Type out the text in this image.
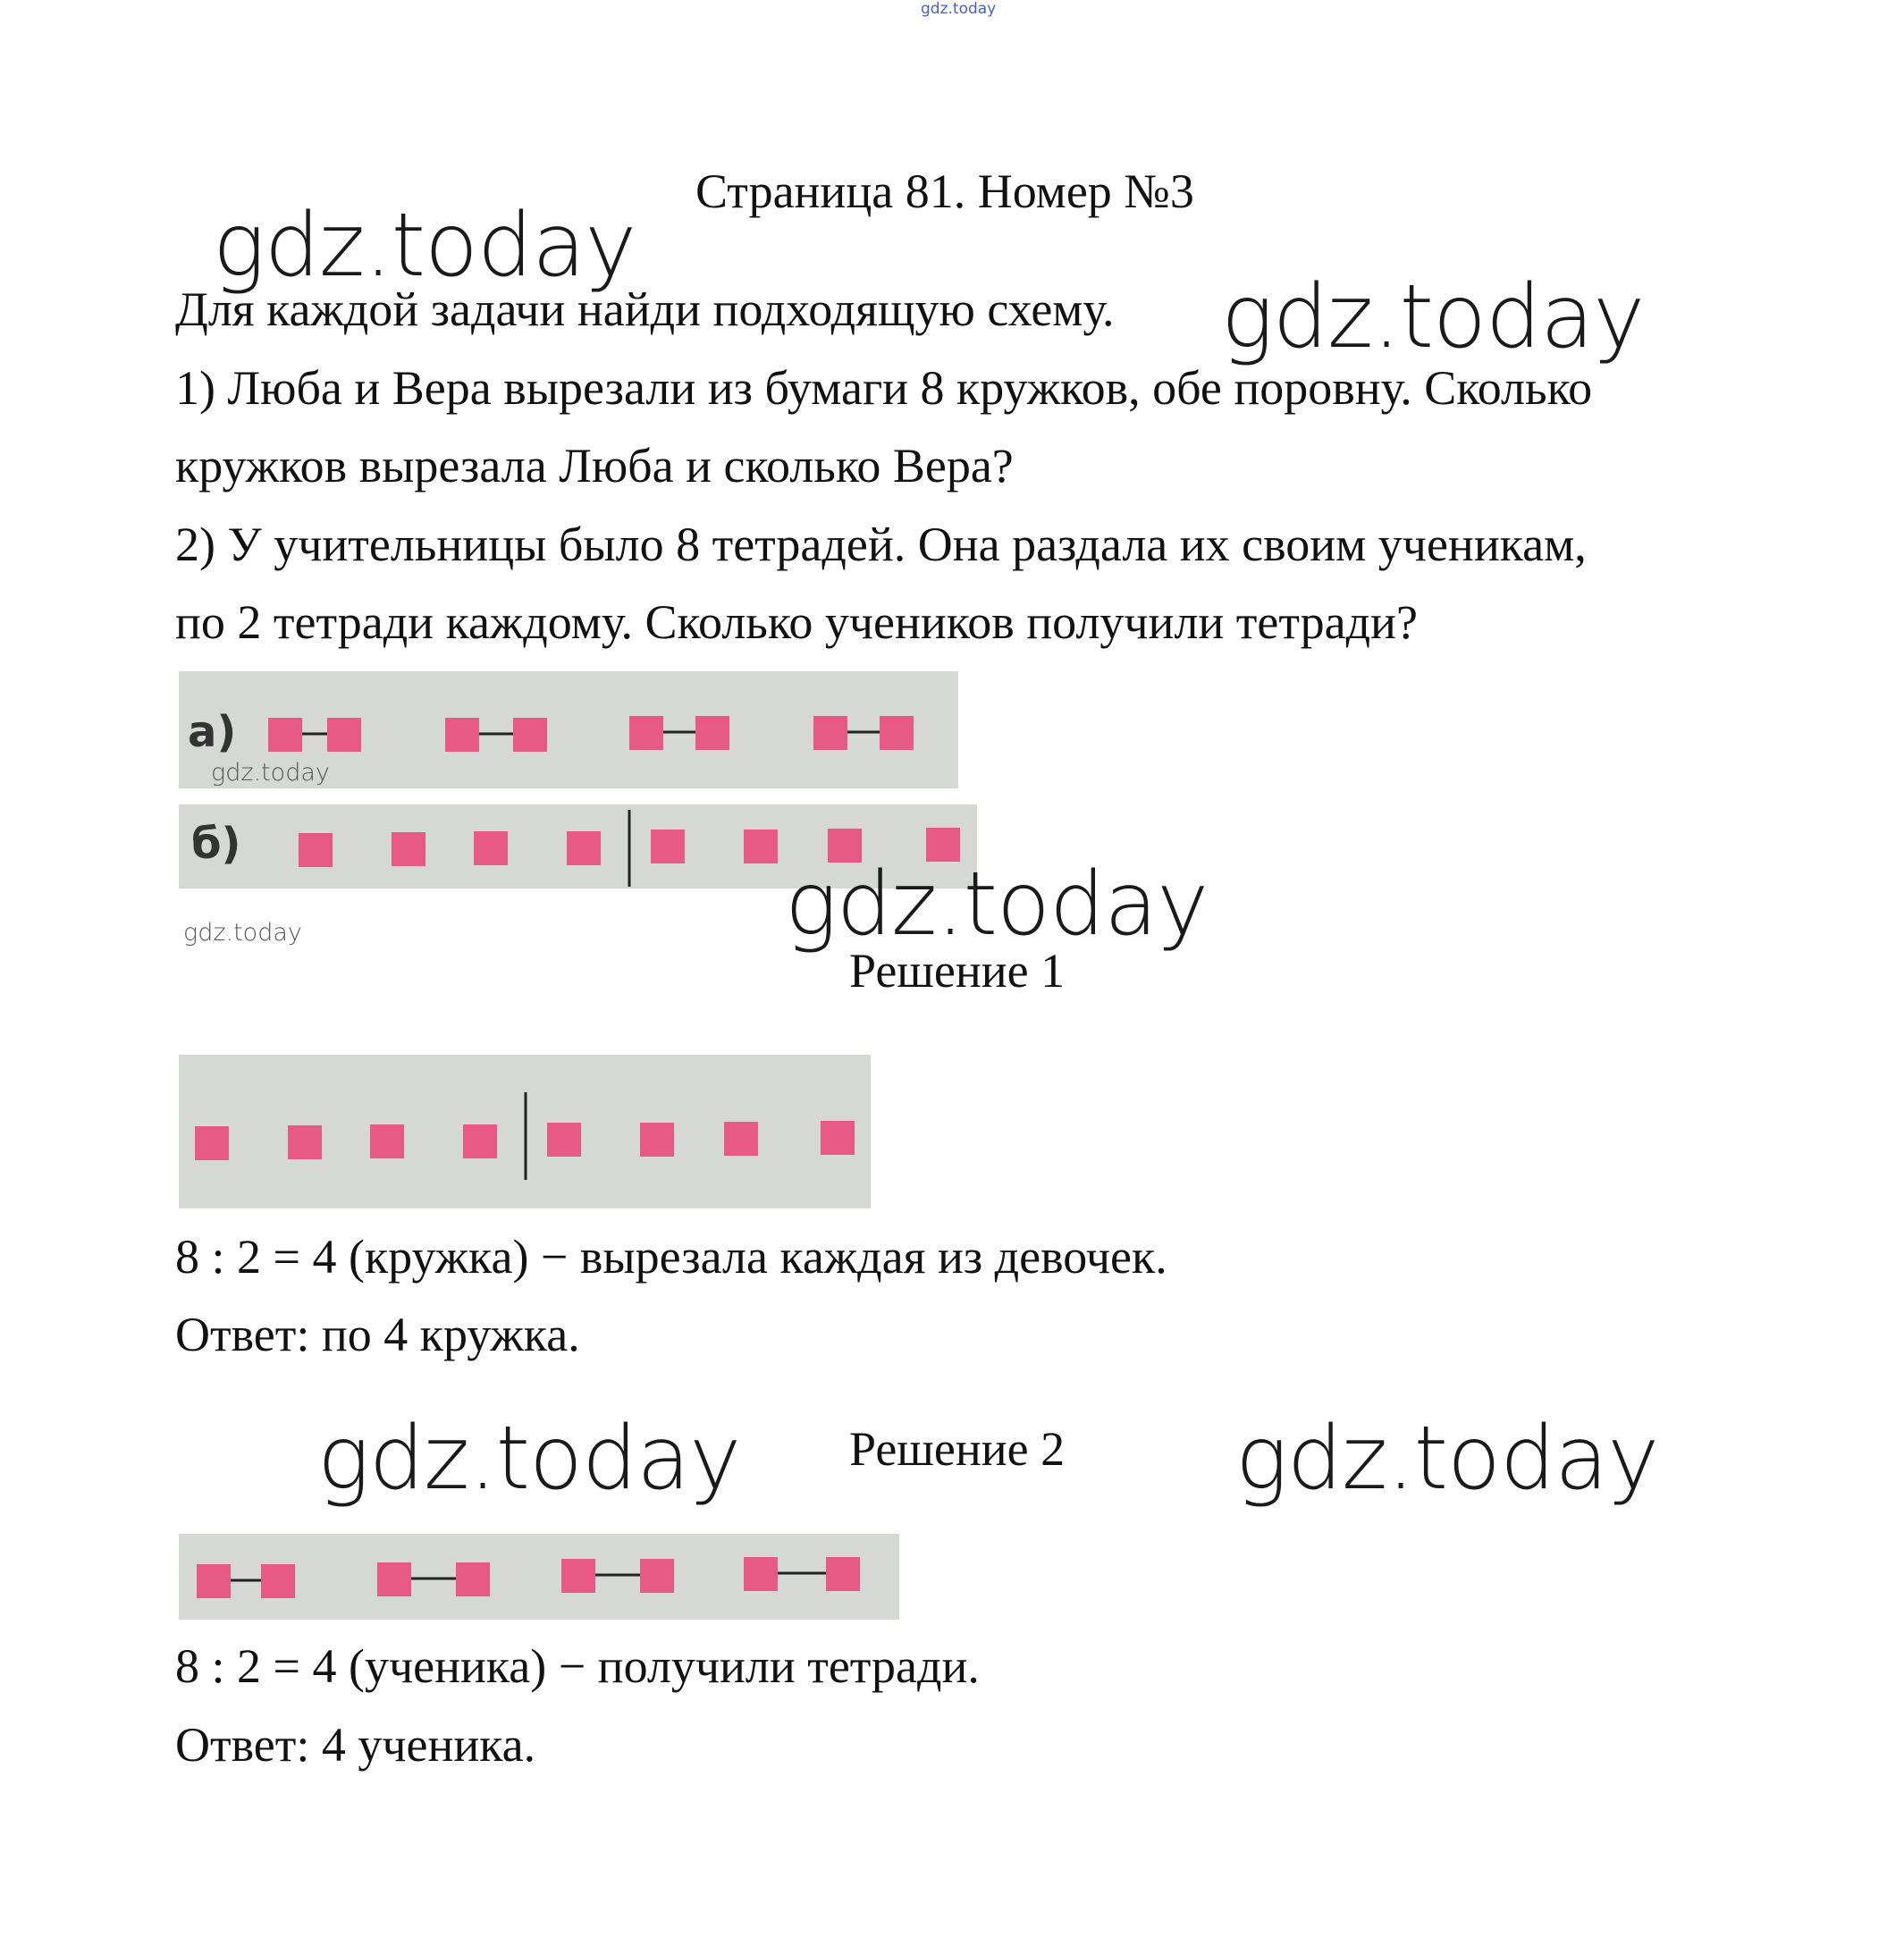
gdz.today
Страница 81. Номер №3
gdz.today
gdz.today
Для каждой задачи найди подходящую схему.
1) Люба и Вера вырезали из бумаги 8 кружков, обе поровну. Сколько
кружков вырезала Люба и сколько Вера?
2) У учительницы было 8 тетрадей. Она раздала их своим ученикам,
по 2 тетради каждому. Сколько учеников получили тетради?
а)
gdz.today
б)
gdz.today	gdz.today
Решение 1
8 : 2 = 4 (кружка) − вырезала каждая из девочек.
Ответ: по 4 кружка.
gdz.today Решение 2 gdz.today
8 : 2 = 4 (ученика) − получили тетради.
Ответ: 4 ученика.
